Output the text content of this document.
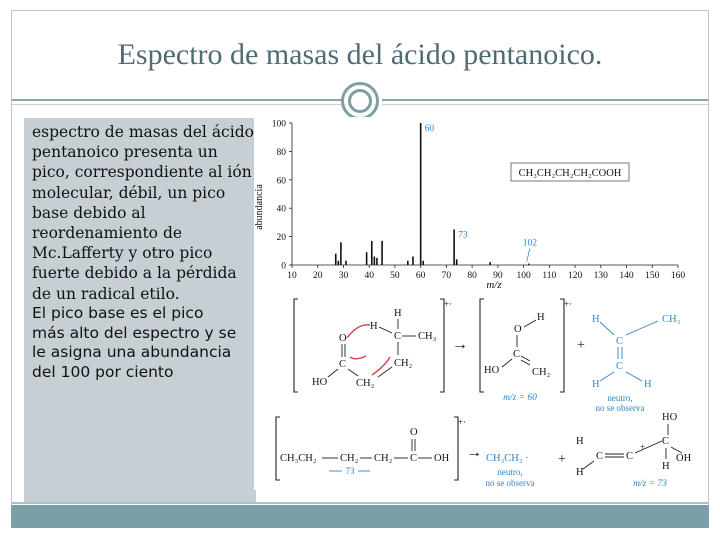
Espectro de masas del ácido pentanoico.
espectro de masas del ácido
pentanoico presenta un
pico, correspondiente al ión
molecular, débil, un pico
base debido al
reordenamiento de
Mc.Lafferty y otro pico
fuerte debido a la pérdida
de un radical etilo.
El pico base es el pico
más alto del espectro y se
le asigna una abundancia
del 100 por ciento
0
20
40
60
80
100
10 20 30 40 50 60 70 80 90 100 110 120 130 140 150 160
60
73
102
abundancia
m/z
CH₃CH₂CH₂CH₂COOH
+·
H
H
C CH₃
CH₂
O
C
HO	CH₂
→
+·
O
H
C
HO	CH₂
m/z = 60
+
H	CH₃
C
C
H	H
neutro,
no se observa
+·
CH₃CH₂ CH₂ CH₂ C OH
O
73
→ CH₃CH₂ ·
neutro,
no se observa
+
HO
H
C C
+ C
OH
H
H
m/z = 73
